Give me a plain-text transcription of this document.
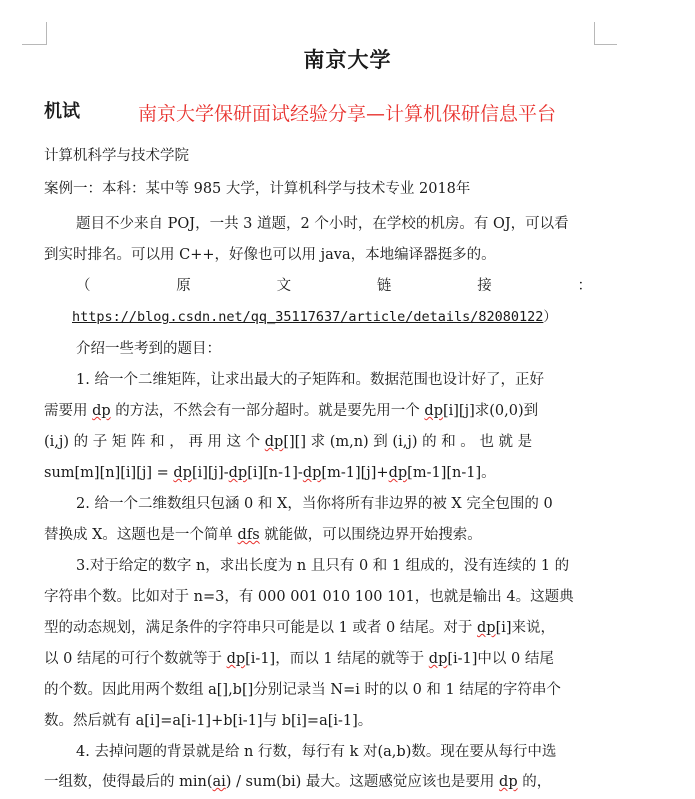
南京大学
机试	南京大学保研面试经验分享—计算机保研信息平台
计算机科学与技术学院
案例一：本科：某中等 985 大学，计算机科学与技术专业 2018年
题目不少来自 POJ，一共 3 道题，2 个小时，在学校的机房。有 OJ，可以看
到实时排名。可以用 C++，好像也可以用 java，本地编译器挺多的。
（	原	文	链	接	：
https://blog.csdn.net/qq_35117637/article/details/82080122）
介绍一些考到的题目：
1. 给一个二维矩阵，让求出最大的子矩阵和。数据范围也设计好了，正好
需要用 dp 的方法，不然会有一部分超时。就是要先用一个 dp[i][j]求(0,0)到
(i,j) 的 子 矩 阵 和 ， 再 用 这 个 dp[][] 求 (m,n) 到 (i,j) 的 和 。 也 就 是
sum[m][n][i][j] = dp[i][j]-dp[i][n-1]-dp[m-1][j]+dp[m-1][n-1]。
2. 给一个二维数组只包涵 0 和 X，当你将所有非边界的被 X 完全包围的 0
替换成 X。这题也是一个简单 dfs 就能做，可以围绕边界开始搜索。
3.对于给定的数字 n，求出长度为 n 且只有 0 和 1 组成的，没有连续的 1 的
字符串个数。比如对于 n=3，有 000 001 010 100 101，也就是输出 4。这题典
型的动态规划，满足条件的字符串只可能是以 1 或者 0 结尾。对于 dp[i]来说，
以 0 结尾的可行个数就等于 dp[i-1]，而以 1 结尾的就等于 dp[i-1]中以 0 结尾
的个数。因此用两个数组 a[],b[]分别记录当 N=i 时的以 0 和 1 结尾的字符串个
数。然后就有 a[i]=a[i-1]+b[i-1]与 b[i]=a[i-1]。
4. 去掉问题的背景就是给 n 行数，每行有 k 对(a,b)数。现在要从每行中选
一组数，使得最后的 min(ai) / sum(bi) 最大。这题感觉应该也是要用 dp 的，
